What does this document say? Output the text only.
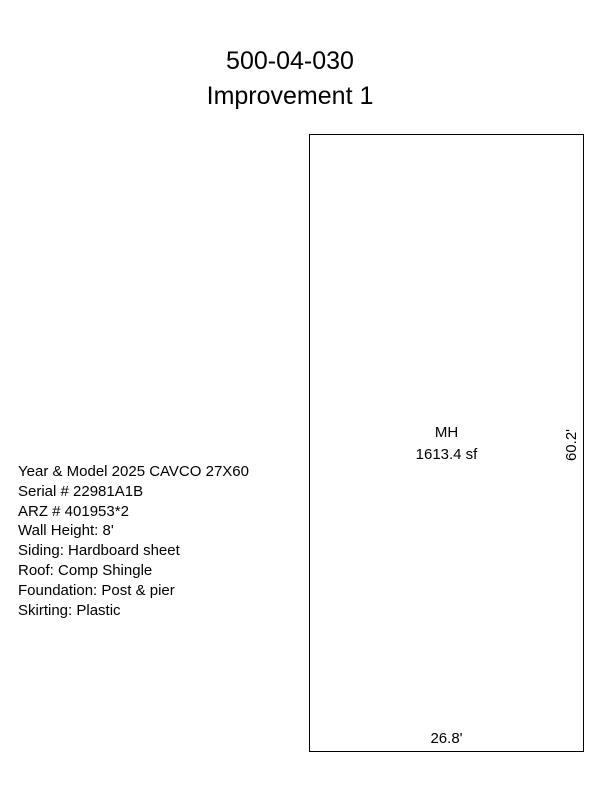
500-04-030
Improvement 1
Year & Model 2025 CAVCO 27X60
Serial # 22981A1B
ARZ # 401953*2
Wall Height: 8'
Siding: Hardboard sheet
Roof: Comp Shingle
Foundation: Post & pier
Skirting: Plastic
MH
1613.4 sf	60.2'
26.8'
